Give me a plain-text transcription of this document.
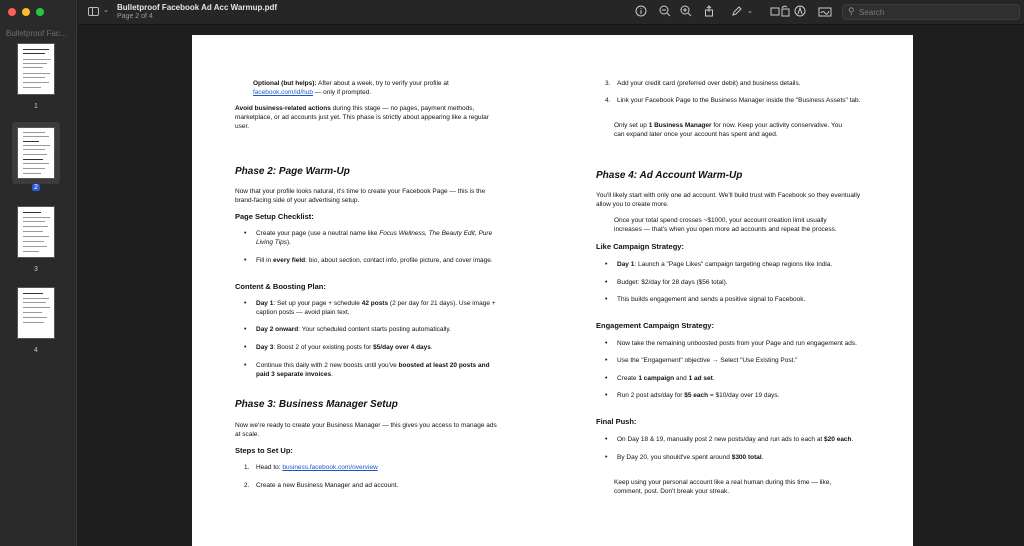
Bulletproof Fac...
1
2
3
4
⌄ Bulletproof Facebook Ad Acc Warmup.pdf
Page 2 of 4
⌄	⚲
Search
Optional (but helps): After about a week, try to verify your profile at
facebook.com/id/hub — only if prompted.
Avoid business-related actions during this stage — no pages, payment methods,
marketplace, or ad accounts just yet. This phase is strictly about appearing like a regular
user.
Phase 2: Page Warm-Up
Now that your profile looks natural, it's time to create your Facebook Page — this is the
brand-facing side of your advertising setup.
Page Setup Checklist:
• Create your page (use a neutral name like Focus Wellness, The Beauty Edit, Pure
Living Tips).
• Fill in every field: bio, about section, contact info, profile picture, and cover image.
Content & Boosting Plan:
• Day 1: Set up your page + schedule 42 posts (2 per day for 21 days). Use image +
caption posts — avoid plain text.
• Day 2 onward: Your scheduled content starts posting automatically.
• Day 3: Boost 2 of your existing posts for $5/day over 4 days.
• Continue this daily with 2 new boosts until you've boosted at least 20 posts and
paid 3 separate invoices.
Phase 3: Business Manager Setup
Now we're ready to create your Business Manager — this gives you access to manage ads
at scale.
Steps to Set Up:
1. Head to: business.facebook.com/overview
2. Create a new Business Manager and ad account.
3. Add your credit card (preferred over debit) and business details.
4. Link your Facebook Page to the Business Manager inside the "Business Assets" tab.
Only set up 1 Business Manager for now. Keep your activity conservative. You
can expand later once your account has spent and aged.
Phase 4: Ad Account Warm-Up
You'll likely start with only one ad account. We'll build trust with Facebook so they eventually
allow you to create more.
Once your total spend crosses ~$1000, your account creation limit usually
increases — that's when you open more ad accounts and repeat the process.
Like Campaign Strategy:
• Day 1: Launch a "Page Likes" campaign targeting cheap regions like India.
• Budget: $2/day for 28 days ($56 total).
• This builds engagement and sends a positive signal to Facebook.
Engagement Campaign Strategy:
• Now take the remaining unboosted posts from your Page and run engagement ads.
• Use the "Engagement" objective → Select "Use Existing Post."
• Create 1 campaign and 1 ad set.
• Run 2 post ads/day for $5 each = $10/day over 19 days.
Final Push:
• On Day 18 & 19, manually post 2 new posts/day and run ads to each at $20 each.
• By Day 20, you should've spent around $300 total.
Keep using your personal account like a real human during this time — like,
comment, post. Don't break your streak.
